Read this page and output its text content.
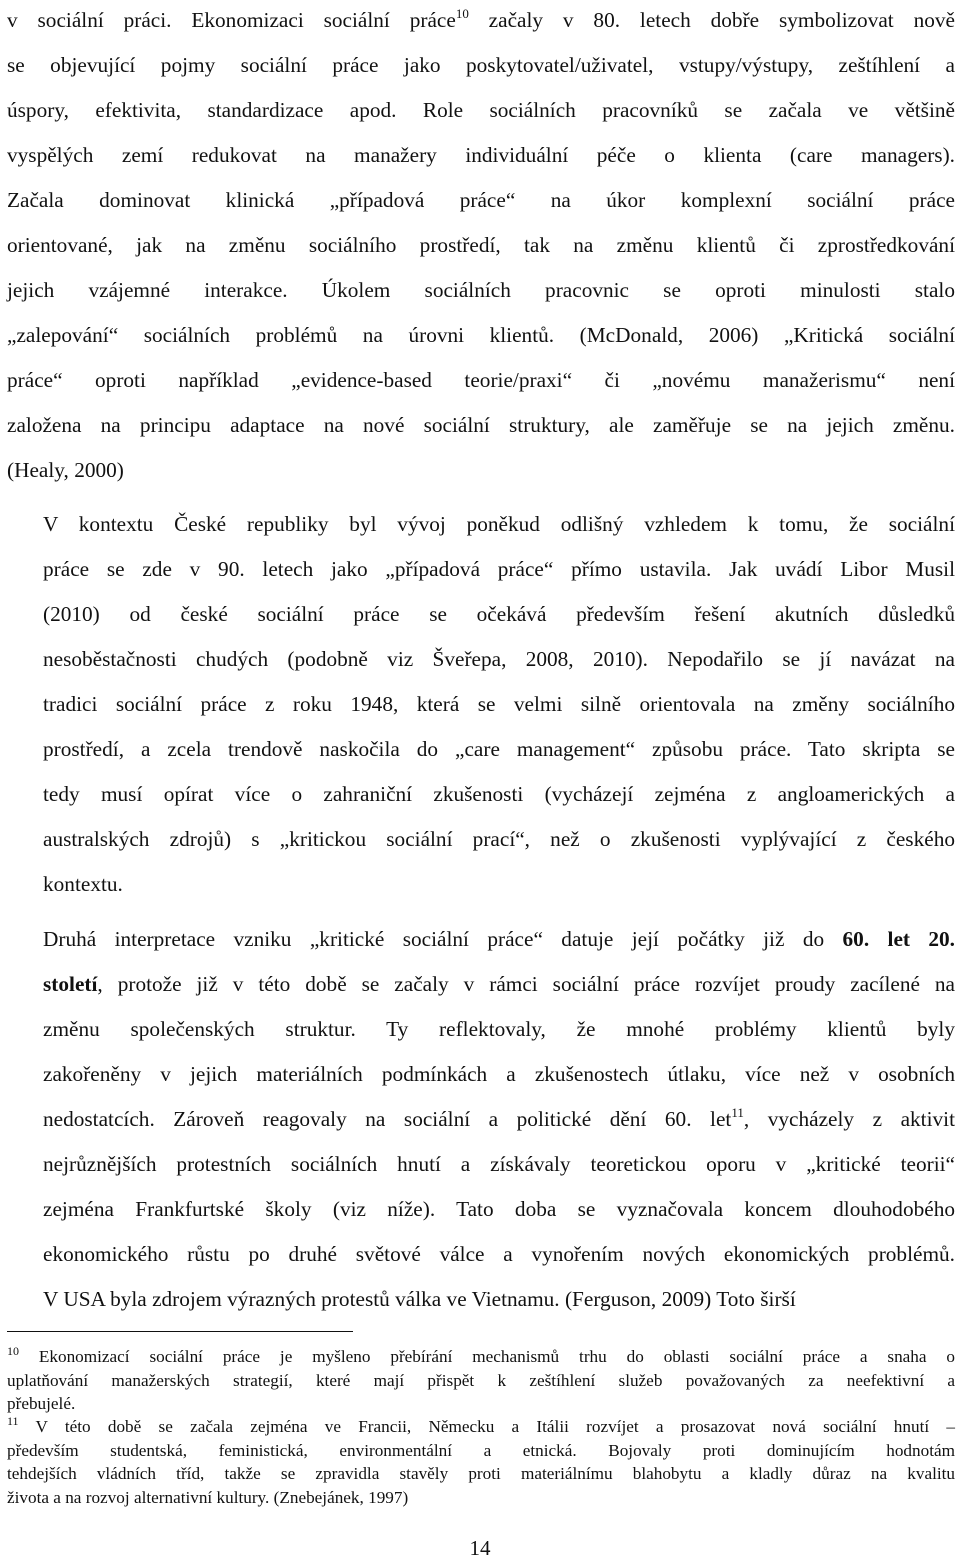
v sociální práci. Ekonomizaci sociální práce$^{10}$ začaly v 80. letech dobře symbolizovat nově
se objevující pojmy sociální práce jako poskytovatel/uživatel, vstupy/výstupy, zeštíhlení a
úspory, efektivita, standardizace apod. Role sociálních pracovníků se začala ve většině
vyspělých zemí redukovat na manažery individuální péče o klienta (care managers).
Začala dominovat klinická „případová práce“ na úkor komplexní sociální práce
orientované, jak na změnu sociálního prostředí, tak na změnu klientů či zprostředkování
jejich vzájemné interakce. Úkolem sociálních pracovnic se oproti minulosti stalo
„zalepování“ sociálních problémů na úrovni klientů. (McDonald, 2006) „Kritická sociální
práce“ oproti například „evidence-based teorie/praxi“ či „novému manažerismu“ není
založena na principu adaptace na nové sociální struktury, ale zaměřuje se na jejich změnu.
(Healy, 2000)
V kontextu České republiky byl vývoj poněkud odlišný vzhledem k tomu, že sociální
práce se zde v 90. letech jako „případová práce“ přímo ustavila. Jak uvádí Libor Musil
(2010) od české sociální práce se očekává především řešení akutních důsledků
nesoběstačnosti chudých (podobně viz Šveřepa, 2008, 2010). Nepodařilo se jí navázat na
tradici sociální práce z roku 1948, která se velmi silně orientovala na změny sociálního
prostředí, a zcela trendově naskočila do „care management“ způsobu práce. Tato skripta se
tedy musí opírat více o zahraniční zkušenosti (vycházejí zejména z angloamerických a
australských zdrojů) s „kritickou sociální prací“, než o zkušenosti vyplývající z českého
kontextu.
Druhá interpretace vzniku „kritické sociální práce“ datuje její počátky již do 60. let 20.
století, protože již v této době se začaly v rámci sociální práce rozvíjet proudy zacílené na
změnu společenských struktur. Ty reflektovaly, že mnohé problémy klientů byly
zakořeněny v jejich materiálních podmínkách a zkušenostech útlaku, více než v osobních
nedostatcích. Zároveň reagovaly na sociální a politické dění 60. let$^{11}$, vycházely z aktivit
nejrůznějších protestních sociálních hnutí a získávaly teoretickou oporu v „kritické teorii“
zejména Frankfurtské školy (viz níže). Tato doba se vyznačovala koncem dlouhodobého
ekonomického růstu po druhé světové válce a vynořením nových ekonomických problémů.
V USA byla zdrojem výrazných protestů válka ve Vietnamu. (Ferguson, 2009) Toto širší
$^{10}$ Ekonomizací sociální práce je myšleno přebírání mechanismů trhu do oblasti sociální práce a snaha o
uplatňování manažerských strategií, které mají přispět k zeštíhlení služeb považovaných za neefektivní a
přebujelé.
$^{11}$ V této době se začala zejména ve Francii, Německu a Itálii rozvíjet a prosazovat nová sociální hnutí –
především studentská, feministická, environmentální a etnická. Bojovaly proti dominujícím hodnotám
tehdejších vládních tříd, takže se zpravidla stavěly proti materiálnímu blahobytu a kladly důraz na kvalitu
života a na rozvoj alternativní kultury. (Znebejánek, 1997)
14
